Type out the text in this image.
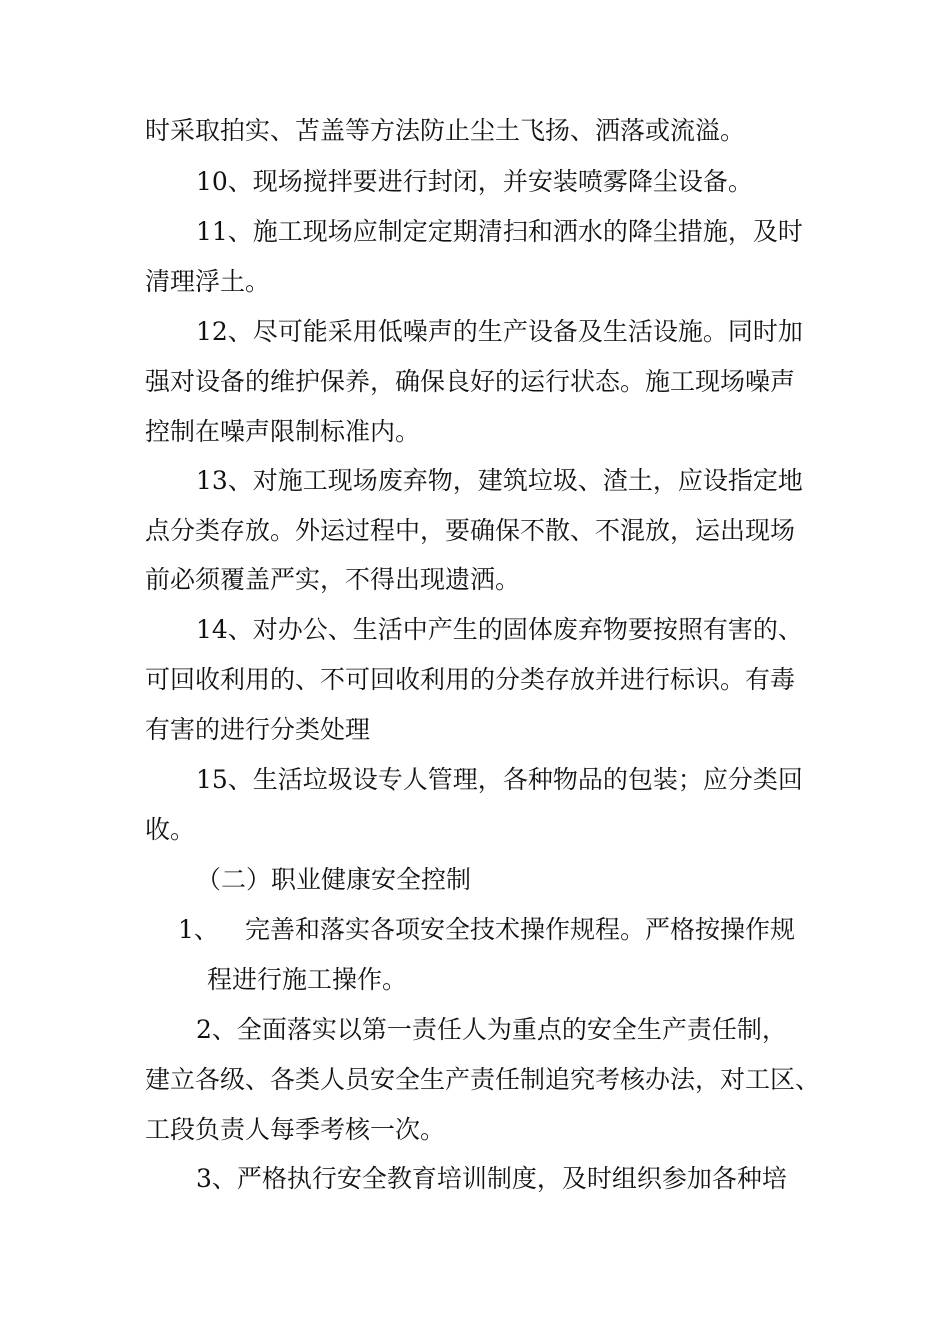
时采取拍实、苫盖等方法防止尘土飞扬、洒落或流溢。
10、现场搅拌要进行封闭，并安装喷雾降尘设备。
11、施工现场应制定定期清扫和洒水的降尘措施，及时
清理浮土。
12、尽可能采用低噪声的生产设备及生活设施。同时加
强对设备的维护保养，确保良好的运行状态。施工现场噪声
控制在噪声限制标准内。
13、对施工现场废弃物，建筑垃圾、渣土，应设指定地
点分类存放。外运过程中，要确保不散、不混放，运出现场
前必须覆盖严实，不得出现遗洒。
14、对办公、生活中产生的固体废弃物要按照有害的、
可回收利用的、不可回收利用的分类存放并进行标识。有毒
有害的进行分类处理
15、生活垃圾设专人管理，各种物品的包装；应分类回
收。
（二）职业健康安全控制
1、 完善和落实各项安全技术操作规程。严格按操作规
程进行施工操作。
2、全面落实以第一责任人为重点的安全生产责任制，
建立各级、各类人员安全生产责任制追究考核办法，对工区、
工段负责人每季考核一次。
3、严格执行安全教育培训制度，及时组织参加各种培
